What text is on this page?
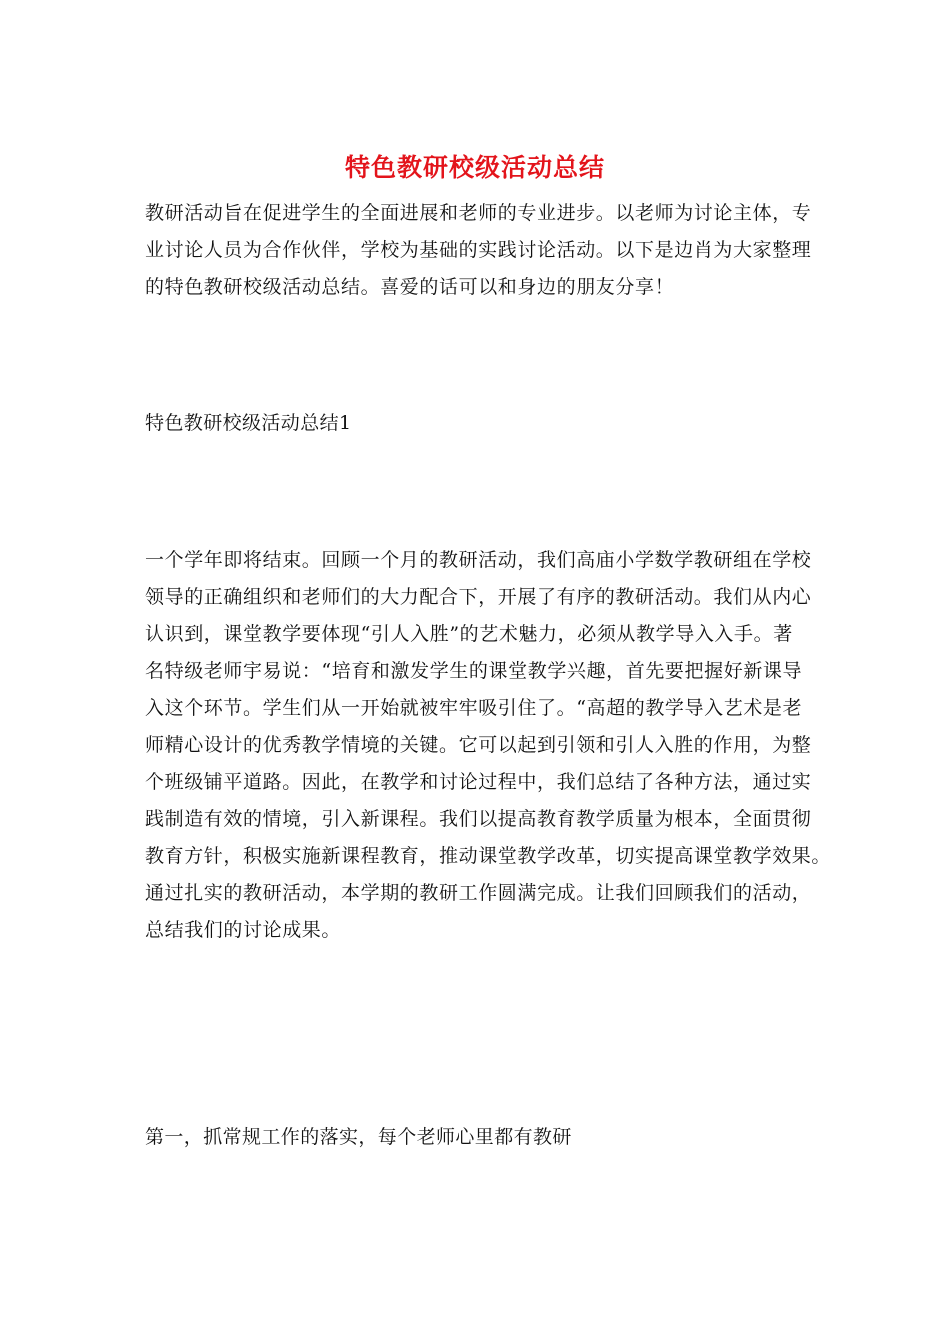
特色教研校级活动总结
教研活动旨在促进学生的全面进展和老师的专业进步。以老师为讨论主体，专
业讨论人员为合作伙伴，学校为基础的实践讨论活动。以下是边肖为大家整理
的特色教研校级活动总结。喜爱的话可以和身边的朋友分享！
特色教研校级活动总结1
一个学年即将结束。回顾一个月的教研活动，我们高庙小学数学教研组在学校
领导的正确组织和老师们的大力配合下，开展了有序的教研活动。我们从内心
认识到，课堂教学要体现“引人入胜”的艺术魅力，必须从教学导入入手。著
名特级老师宇易说：“培育和激发学生的课堂教学兴趣，首先要把握好新课导
入这个环节。学生们从一开始就被牢牢吸引住了。“高超的教学导入艺术是老
师精心设计的优秀教学情境的关键。它可以起到引领和引人入胜的作用，为整
个班级铺平道路。因此，在教学和讨论过程中，我们总结了各种方法，通过实
践制造有效的情境，引入新课程。我们以提高教育教学质量为根本，全面贯彻
教育方针，积极实施新课程教育，推动课堂教学改革，切实提高课堂教学效果。
通过扎实的教研活动，本学期的教研工作圆满完成。让我们回顾我们的活动，
总结我们的讨论成果。
第一，抓常规工作的落实，每个老师心里都有教研
